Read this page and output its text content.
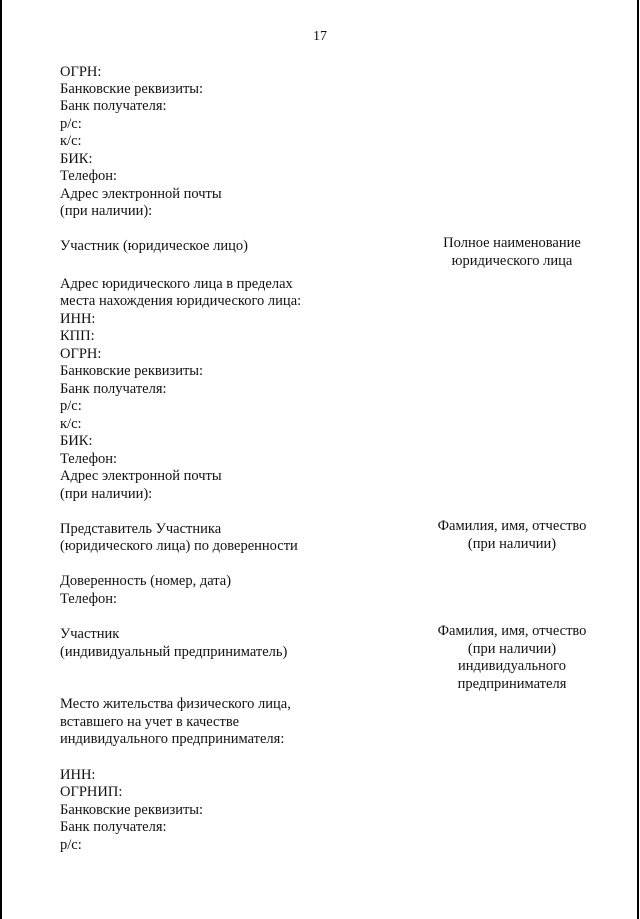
17
ОГРН:
Банковские реквизиты:
Банк получателя:
р/с:
к/с:
БИК:
Телефон:
Адрес электронной почты
(при наличии):
Участник (юридическое лицо)	Полное наименование
юридического лица
Адрес юридического лица в пределах
места нахождения юридического лица:
ИНН:
КПП:
ОГРН:
Банковские реквизиты:
Банк получателя:
р/с:
к/с:
БИК:
Телефон:
Адрес электронной почты
(при наличии):
Представитель Участника
(юридического лица) по доверенности
Фамилия, имя, отчество
(при наличии)
Доверенность (номер, дата)
Телефон:
Участник
(индивидуальный предприниматель)
Фамилия, имя, отчество
(при наличии)
индивидуального
предпринимателя
Место жительства физического лица,
вставшего на учет в качестве
индивидуального предпринимателя:
ИНН:
ОГРНИП:
Банковские реквизиты:
Банк получателя:
р/с:
